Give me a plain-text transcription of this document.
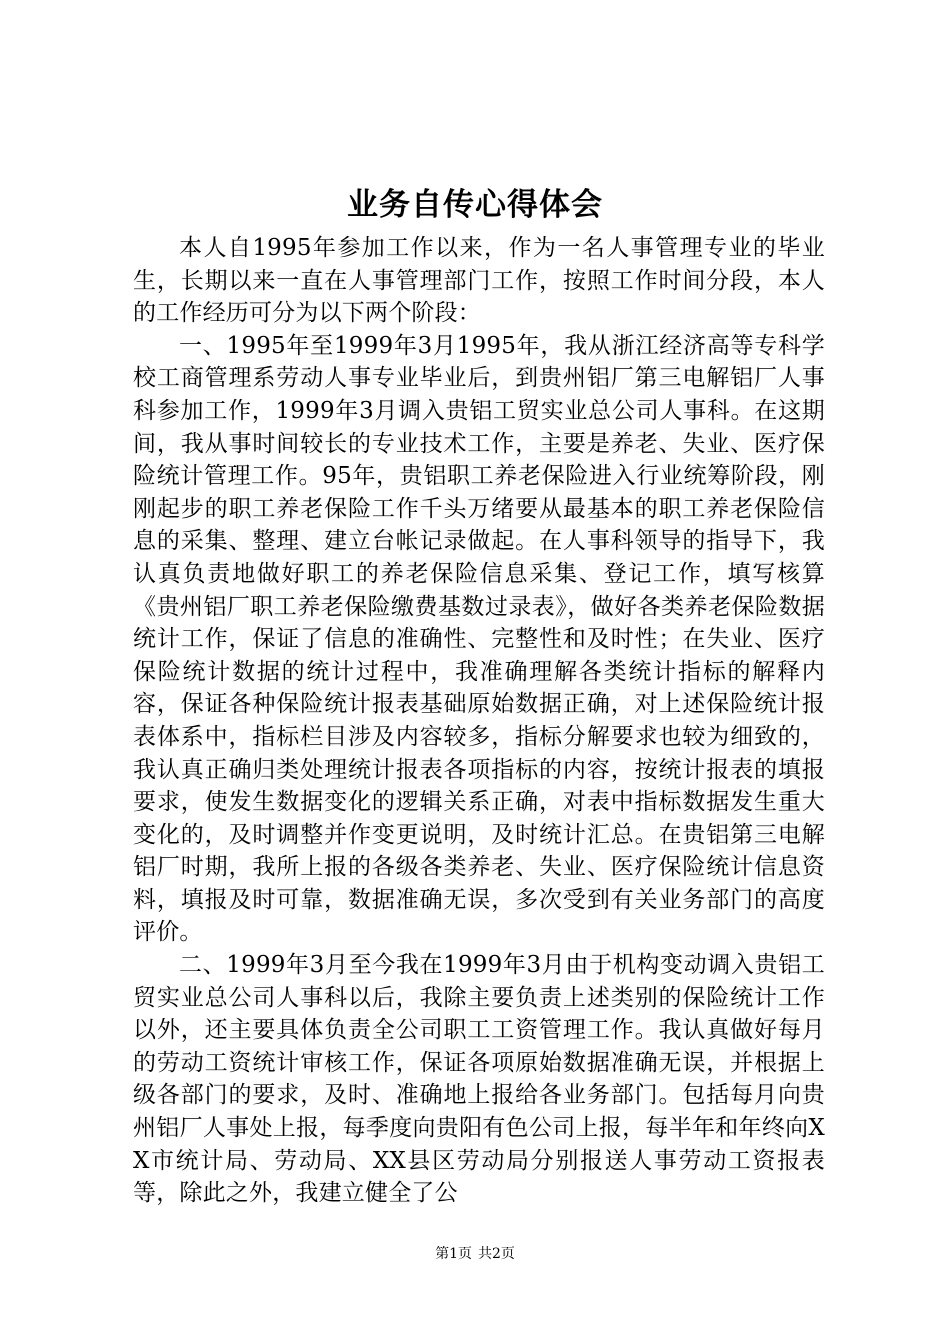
业务自传心得体会

本人自1995年参加工作以来，作为一名人事管理专业的毕业生，长期以来一直在人事管理部门工作，按照工作时间分段，本人的工作经历可分为以下两个阶段：

一、1995年至1999年3月1995年，我从浙江经济高等专科学校工商管理系劳动人事专业毕业后，到贵州铝厂第三电解铝厂人事科参加工作，1999年3月调入贵铝工贸实业总公司人事科。在这期间，我从事时间较长的专业技术工作，主要是养老、失业、医疗保险统计管理工作。95年，贵铝职工养老保险进入行业统筹阶段，刚刚起步的职工养老保险工作千头万绪要从最基本的职工养老保险信息的采集、整理、建立台帐记录做起。在人事科领导的指导下，我认真负责地做好职工的养老保险信息采集、登记工作，填写核算《贵州铝厂职工养老保险缴费基数过录表》，做好各类养老保险数据统计工作，保证了信息的准确性、完整性和及时性；在失业、医疗保险统计数据的统计过程中，我准确理解各类统计指标的解释内容，保证各种保险统计报表基础原始数据正确，对上述保险统计报表体系中，指标栏目涉及内容较多，指标分解要求也较为细致的，我认真正确归类处理统计报表各项指标的内容，按统计报表的填报要求，使发生数据变化的逻辑关系正确，对表中指标数据发生重大变化的，及时调整并作变更说明，及时统计汇总。在贵铝第三电解铝厂时期，我所上报的各级各类养老、失业、医疗保险统计信息资料，填报及时可靠，数据准确无误，多次受到有关业务部门的高度评价。

二、1999年3月至今我在1999年3月由于机构变动调入贵铝工贸实业总公司人事科以后，我除主要负责上述类别的保险统计工作以外，还主要具体负责全公司职工工资管理工作。我认真做好每月的劳动工资统计审核工作，保证各项原始数据准确无误，并根据上级各部门的要求，及时、准确地上报给各业务部门。包括每月向贵州铝厂人事处上报，每季度向贵阳有色公司上报，每半年和年终向XX市统计局、劳动局、XX县区劳动局分别报送人事劳动工资报表等，除此之外，我建立健全了公

第1页 共2页
